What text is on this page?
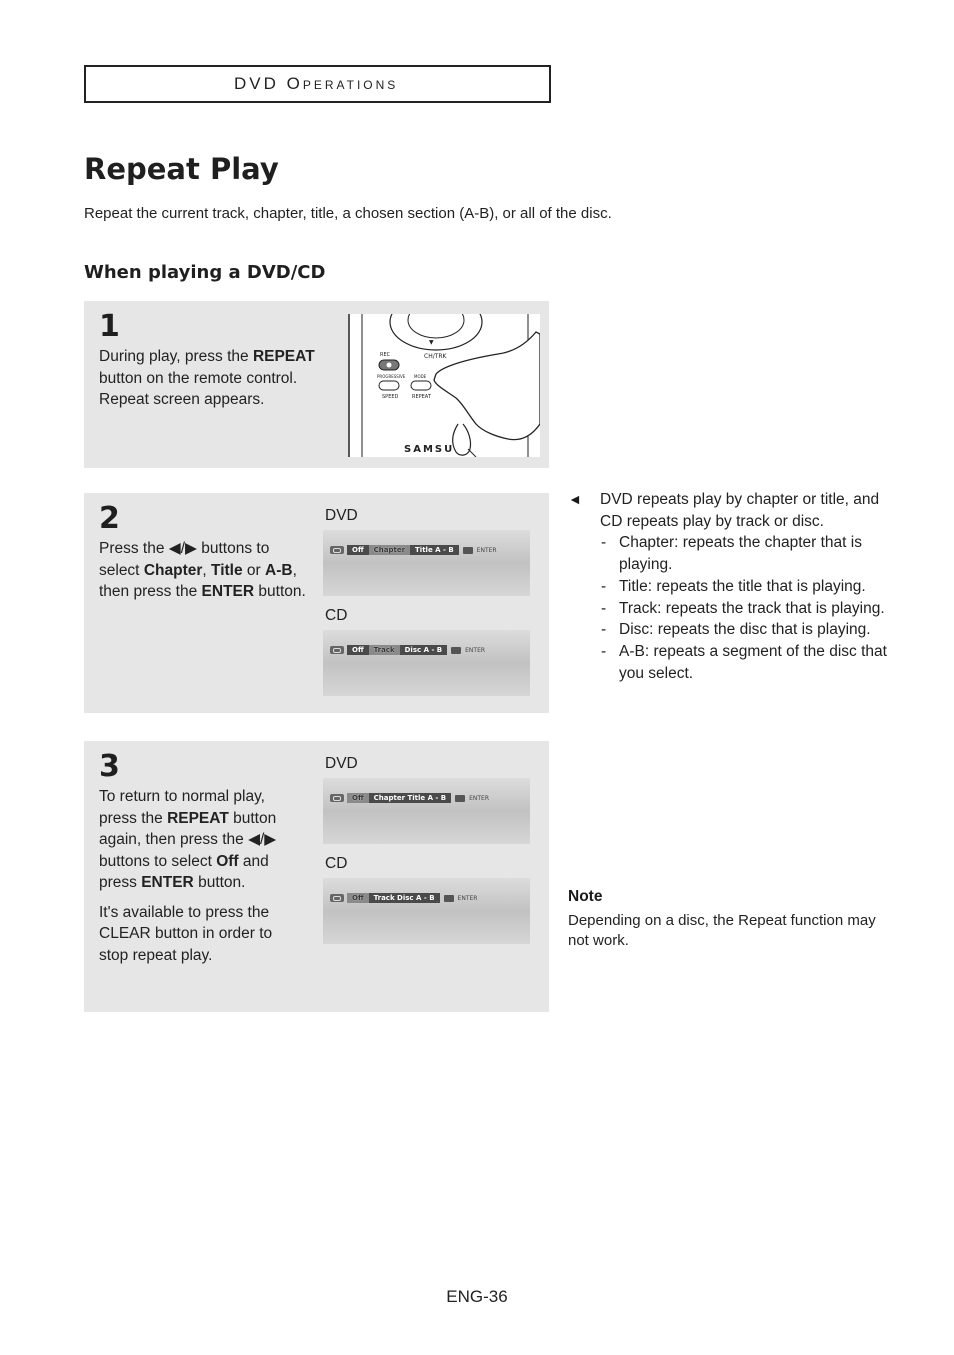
DVD Operations
Repeat Play
Repeat the current track, chapter, title, a chosen section (A-B), or all of the disc.
When playing a DVD/CD
1
During play, press the REPEAT button on the remote control. Repeat screen appears.
▼
REC	CH/TRK
PROGRESSIVE MODE
SPEED	REPEAT
SAMSU
2
Press the ◀/▶ buttons to select Chapter, Title or A-B, then press the ENTER button.
DVD
Off	Chapter	Title A - B	ENTER
CD
Off	Track	Disc A - B	ENTER
3

To return to normal play, press the REPEAT button again, then press the ◀/▶ buttons to select Off and press ENTER button.

It's available to press the CLEAR button in order to stop repeat play.

DVD
Off	Chapter Title A - B	ENTER
CD
Off	Track Disc A - B	ENTER
◄ DVD repeats play by chapter or title, and CD repeats play by track or disc.
- Chapter: repeats the chapter that is playing.
- Title: repeats the title that is playing.
- Track: repeats the track that is playing.
- Disc: repeats the disc that is playing.
- A-B: repeats a segment of the disc that you select.
Note
Depending on a disc, the Repeat function may not work.
ENG-36
